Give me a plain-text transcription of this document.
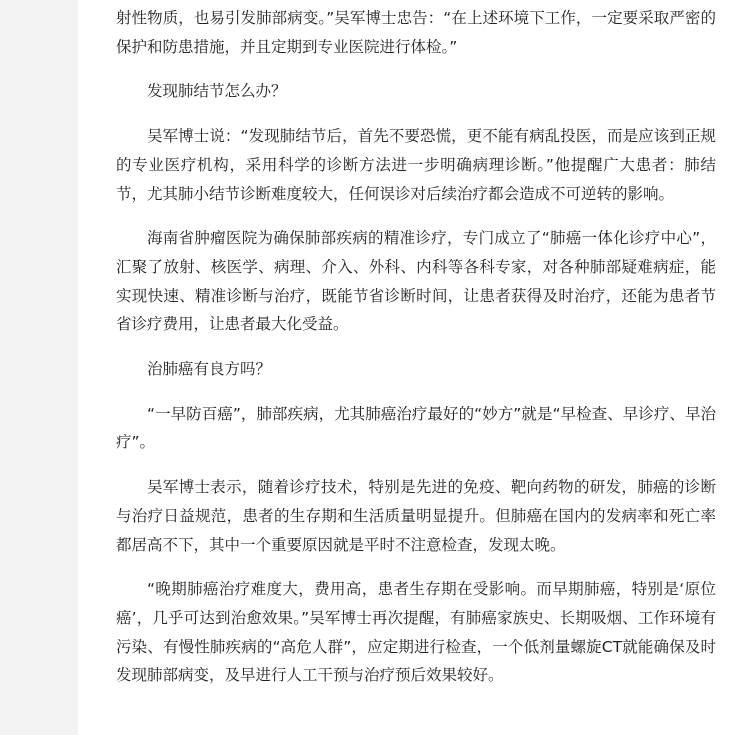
射性物质，也易引发肺部病变。”吴军博士忠告：“在上述环境下工作，一定要采取严密的保护和防患措施，并且定期到专业医院进行体检。”

发现肺结节怎么办？

吴军博士说：“发现肺结节后，首先不要恐慌，更不能有病乱投医，而是应该到正规的专业医疗机构，采用科学的诊断方法进一步明确病理诊断。”他提醒广大患者：肺结节，尤其肺小结节诊断难度较大，任何误诊对后续治疗都会造成不可逆转的影响。

海南省肿瘤医院为确保肺部疾病的精准诊疗，专门成立了“肺癌一体化诊疗中心”，汇聚了放射、核医学、病理、介入、外科、内科等各科专家，对各种肺部疑难病症，能实现快速、精准诊断与治疗，既能节省诊断时间，让患者获得及时治疗，还能为患者节省诊疗费用，让患者最大化受益。

治肺癌有良方吗？

“一早防百癌”，肺部疾病，尤其肺癌治疗最好的“妙方”就是“早检查、早诊疗、早治疗”。

吴军博士表示，随着诊疗技术，特别是先进的免疫、靶向药物的研发，肺癌的诊断与治疗日益规范，患者的生存期和生活质量明显提升。但肺癌在国内的发病率和死亡率都居高不下，其中一个重要原因就是平时不注意检查，发现太晚。

“晚期肺癌治疗难度大，费用高，患者生存期在受影响。而早期肺癌，特别是‘原位癌’，几乎可达到治愈效果。”吴军博士再次提醒，有肺癌家族史、长期吸烟、工作环境有污染、有慢性肺疾病的“高危人群”，应定期进行检查，一个低剂量螺旋CT就能确保及时发现肺部病变，及早进行人工干预与治疗预后效果较好。
